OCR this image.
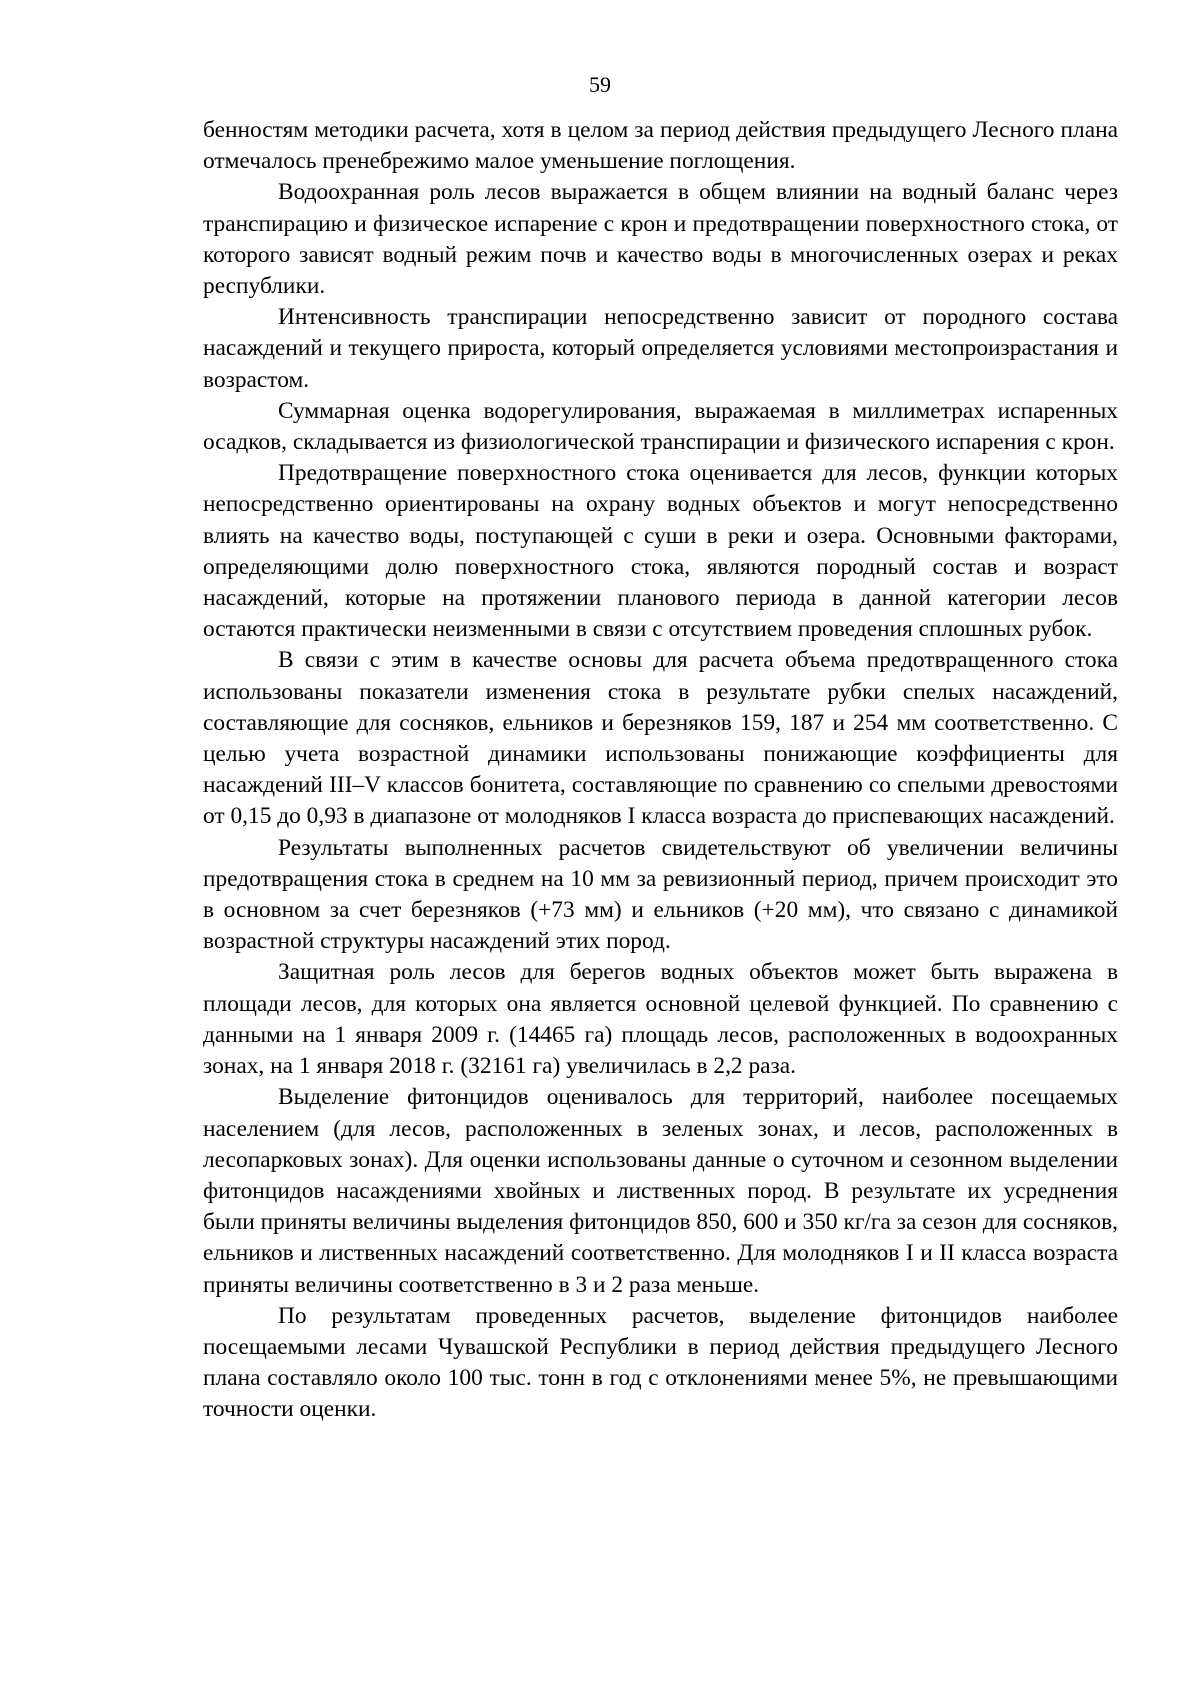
59

бенностям методики расчета, хотя в целом за период действия предыдущего Лесного плана отмечалось пренебрежимо малое уменьшение поглощения.

Водоохранная роль лесов выражается в общем влиянии на водный баланс через транспирацию и физическое испарение с крон и предотвращении поверхностного стока, от которого зависят водный режим почв и качество воды в многочисленных озерах и реках республики.

Интенсивность транспирации непосредственно зависит от породного состава насаждений и текущего прироста, который определяется условиями местопроизрастания и возрастом.

Суммарная оценка водорегулирования, выражаемая в миллиметрах испаренных осадков, складывается из физиологической транспирации и физического испарения с крон.

Предотвращение поверхностного стока оценивается для лесов, функции которых непосредственно ориентированы на охрану водных объектов и могут непосредственно влиять на качество воды, поступающей с суши в реки и озера. Основными факторами, определяющими долю поверхностного стока, являются породный состав и возраст насаждений, которые на протяжении планового периода в данной категории лесов остаются практически неизменными в связи с отсутствием проведения сплошных рубок.

В связи с этим в качестве основы для расчета объема предотвращенного стока использованы показатели изменения стока в результате рубки спелых насаждений, составляющие для сосняков, ельников и березняков 159, 187 и 254 мм соответственно. С целью учета возрастной динамики использованы понижающие коэффициенты для насаждений III–V классов бонитета, составляющие по сравнению со спелыми древостоями от 0,15 до 0,93 в диапазоне от молодняков I класса возраста до приспевающих насаждений.

Результаты выполненных расчетов свидетельствуют об увеличении величины предотвращения стока в среднем на 10 мм за ревизионный период, причем происходит это в основном за счет березняков (+73 мм) и ельников (+20 мм), что связано с динамикой возрастной структуры насаждений этих пород.

Защитная роль лесов для берегов водных объектов может быть выражена в площади лесов, для которых она является основной целевой функцией. По сравнению с данными на 1 января 2009 г. (14465 га) площадь лесов, расположенных в водоохранных зонах, на 1 января 2018 г. (32161 га) увеличилась в 2,2 раза.

Выделение фитонцидов оценивалось для территорий, наиболее посещаемых населением (для лесов, расположенных в зеленых зонах, и лесов, расположенных в лесопарковых зонах). Для оценки использованы данные о суточном и сезонном выделении фитонцидов насаждениями хвойных и лиственных пород. В результате их усреднения были приняты величины выделения фитонцидов 850, 600 и 350 кг/га за сезон для сосняков, ельников и лиственных насаждений соответственно. Для молодняков I и II класса возраста приняты величины соответственно в 3 и 2 раза меньше.

По результатам проведенных расчетов, выделение фитонцидов наиболее посещаемыми лесами Чувашской Республики в период действия предыдущего Лесного плана составляло около 100 тыс. тонн в год с отклонениями менее 5%, не превышающими точности оценки.
